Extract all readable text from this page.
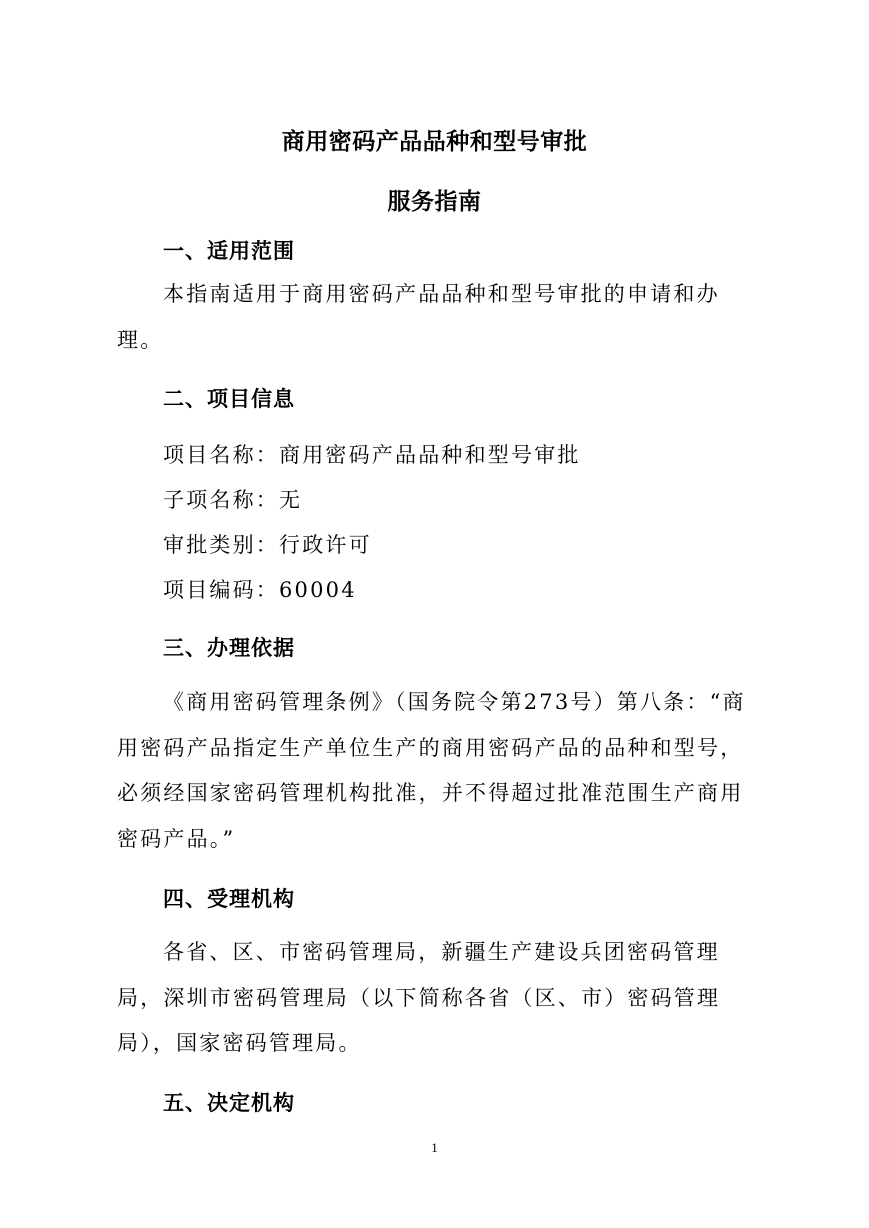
商用密码产品品种和型号审批
服务指南
一、适用范围

本指南适用于商用密码产品品种和型号审批的申请和办理。

二、项目信息
项目名称：商用密码产品品种和型号审批
子项名称：无
审批类别：行政许可
项目编码：60004
三、办理依据

《商用密码管理条例》（国务院令第273号）第八条：“商用密码产品指定生产单位生产的商用密码产品的品种和型号，必须经国家密码管理机构批准，并不得超过批准范围生产商用密码产品。”

四、受理机构

各省、区、市密码管理局，新疆生产建设兵团密码管理局，深圳市密码管理局（以下简称各省（区、市）密码管理局），国家密码管理局。

五、决定机构
1
